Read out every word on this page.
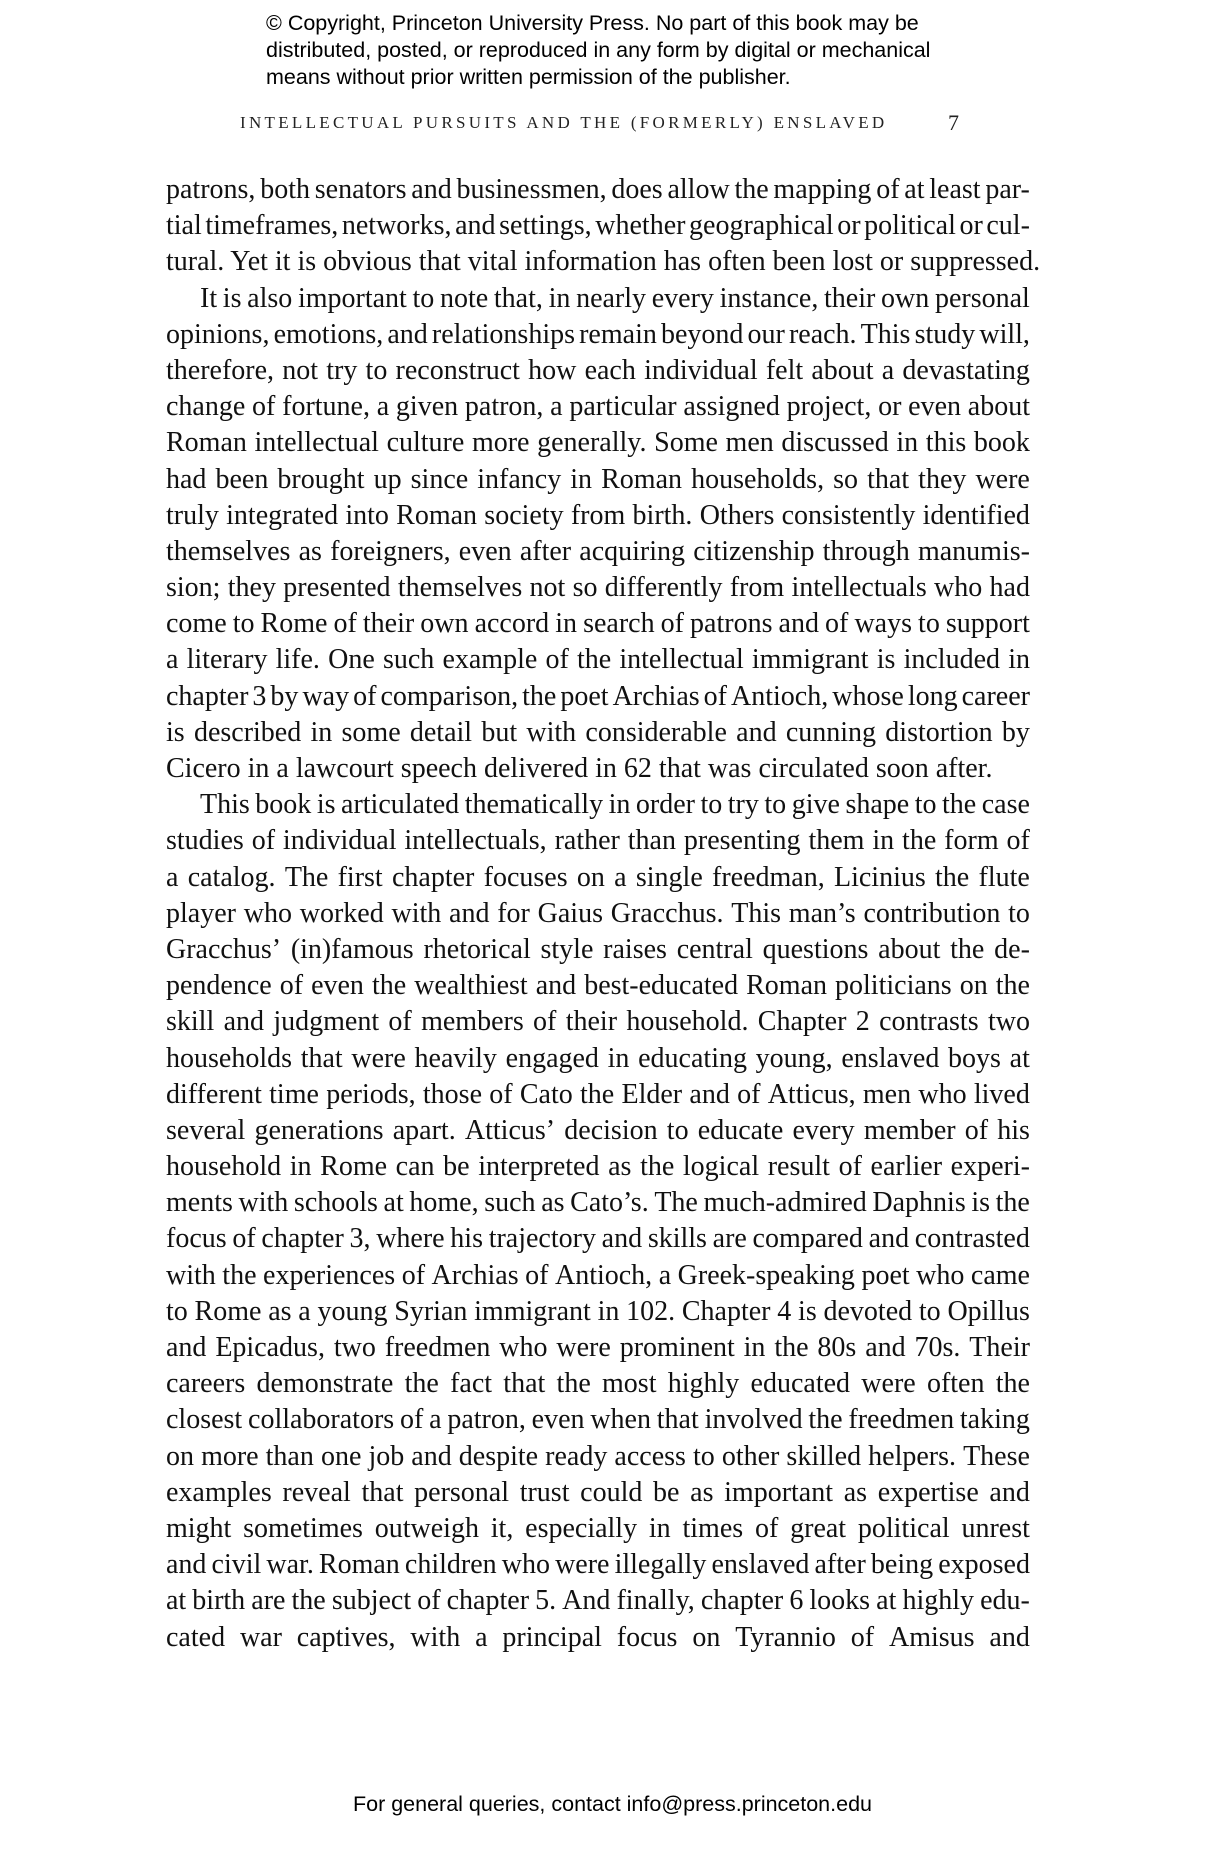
© Copyright, Princeton University Press. No part of this book may be
distributed, posted, or reproduced in any form by digital or mechanical
means without prior written permission of the publisher.
INTELLECTUAL PURSUITS AND THE (FORMERLY) ENSLAVED	7
patrons, both senators and businessmen, does allow the mapping of at least par-
tial timeframes, networks, and settings, whether geographical or political or cul-
tural. Yet it is obvious that vital information has often been lost or suppressed.
It is also important to note that, in nearly every instance, their own personal
opinions, emotions, and relationships remain beyond our reach. This study will,
therefore, not try to reconstruct how each individual felt about a devastating
change of fortune, a given patron, a particular assigned project, or even about
Roman intellectual culture more generally. Some men discussed in this book
had been brought up since infancy in Roman households, so that they were
truly integrated into Roman society from birth. Others consistently identified
themselves as foreigners, even after acquiring citizenship through manumis-
sion; they presented themselves not so differently from intellectuals who had
come to Rome of their own accord in search of patrons and of ways to support
a literary life. One such example of the intellectual immigrant is included in
chapter 3 by way of comparison, the poet Archias of Antioch, whose long career
is described in some detail but with considerable and cunning distortion by
Cicero in a lawcourt speech delivered in 62 that was circulated soon after.
This book is articulated thematically in order to try to give shape to the case
studies of individual intellectuals, rather than presenting them in the form of
a catalog. The first chapter focuses on a single freedman, Licinius the flute
player who worked with and for Gaius Gracchus. This man’s contribution to
Gracchus’ (in)famous rhetorical style raises central questions about the de-
pendence of even the wealthiest and best-educated Roman politicians on the
skill and judgment of members of their household. Chapter 2 contrasts two
households that were heavily engaged in educating young, enslaved boys at
different time periods, those of Cato the Elder and of Atticus, men who lived
several generations apart. Atticus’ decision to educate every member of his
household in Rome can be interpreted as the logical result of earlier experi-
ments with schools at home, such as Cato’s. The much-admired Daphnis is the
focus of chapter 3, where his trajectory and skills are compared and contrasted
with the experiences of Archias of Antioch, a Greek-speaking poet who came
to Rome as a young Syrian immigrant in 102. Chapter 4 is devoted to Opillus
and Epicadus, two freedmen who were prominent in the 80s and 70s. Their
careers demonstrate the fact that the most highly educated were often the
closest collaborators of a patron, even when that involved the freedmen taking
on more than one job and despite ready access to other skilled helpers. These
examples reveal that personal trust could be as important as expertise and
might sometimes outweigh it, especially in times of great political unrest
and civil war. Roman children who were illegally enslaved after being exposed
at birth are the subject of chapter 5. And finally, chapter 6 looks at highly edu-
cated war captives, with a principal focus on Tyrannio of Amisus and
For general queries, contact info@press.princeton.edu
